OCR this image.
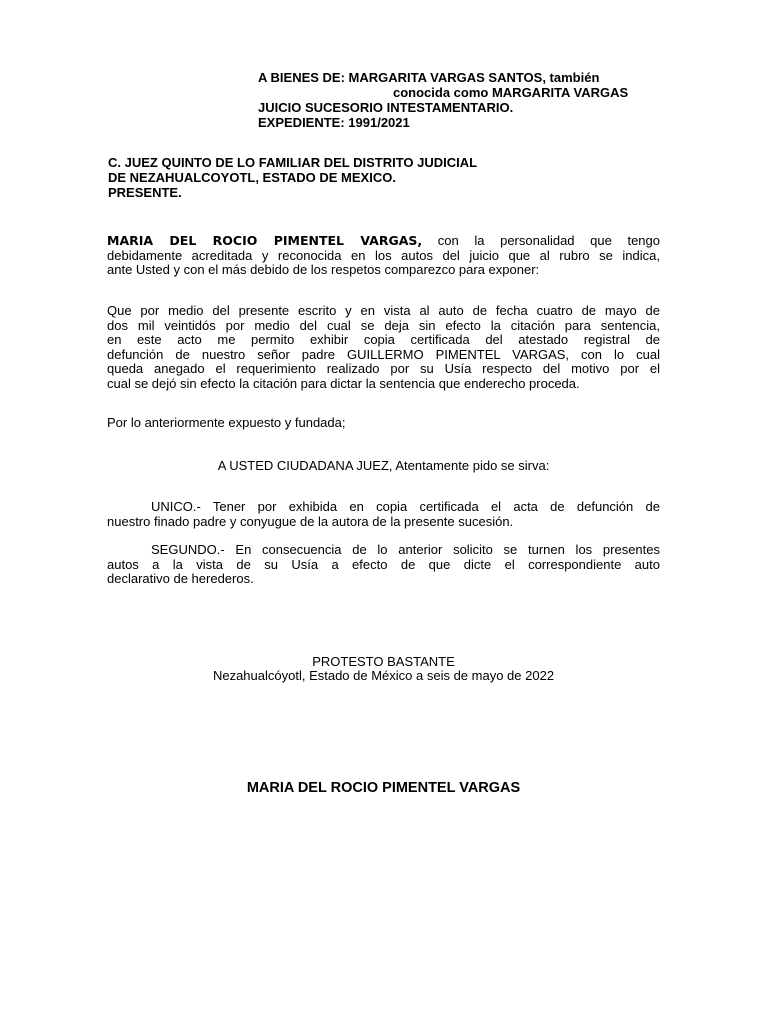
A BIENES DE: MARGARITA VARGAS SANTOS, también
conocida como MARGARITA VARGAS
JUICIO SUCESORIO INTESTAMENTARIO.
EXPEDIENTE: 1991/2021
C. JUEZ QUINTO DE LO FAMILIAR DEL DISTRITO JUDICIAL
DE NEZAHUALCOYOTL, ESTADO DE MEXICO.
PRESENTE.
MARIA DEL ROCIO PIMENTEL VARGAS, con la personalidad que tengo
debidamente acreditada y reconocida en los autos del juicio que al rubro se indica,
ante Usted y con el más debido de los respetos comparezco para exponer:
Que por medio del presente escrito y en vista al auto de fecha cuatro de mayo de
dos mil veintidós por medio del cual se deja sin efecto la citación para sentencia,
en este acto me permito exhibir copia certificada del atestado registral de
defunción de nuestro señor padre GUILLERMO PIMENTEL VARGAS, con lo cual
queda anegado el requerimiento realizado por su Usía respecto del motivo por el
cual se dejó sin efecto la citación para dictar la sentencia que enderecho proceda.
Por lo anteriormente expuesto y fundada;
A USTED CIUDADANA JUEZ, Atentamente pido se sirva:
UNICO.- Tener por exhibida en copia certificada el acta de defunción de
nuestro finado padre y conyugue de la autora de la presente sucesión.
SEGUNDO.- En consecuencia de lo anterior solicito se turnen los presentes
autos a la vista de su Usía a efecto de que dicte el correspondiente auto
declarativo de herederos.
PROTESTO BASTANTE
Nezahualcóyotl, Estado de México a seis de mayo de 2022
MARIA DEL ROCIO PIMENTEL VARGAS
